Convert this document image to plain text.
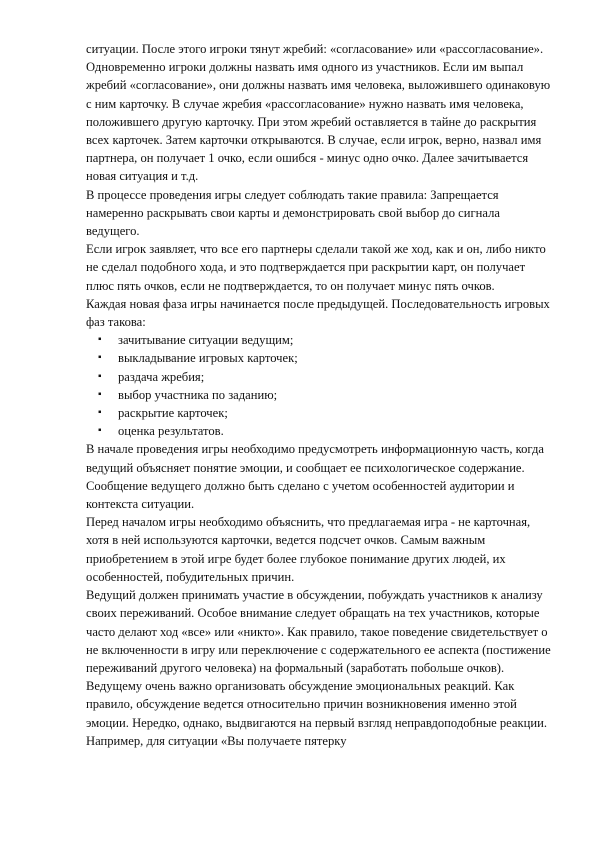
ситуации. После этого игроки тянут жребий: «согласование» или «рассогласование». Одновременно игроки должны назвать имя одного из участников. Если им выпал жребий «согласование», они должны назвать имя человека, выложившего одинаковую с ним карточку. В случае жребия «рассогласование» нужно назвать имя человека, положившего другую карточку. При этом жребий оставляется в тайне до раскрытия всех карточек. Затем карточки открываются. В случае, если игрок, верно, назвал имя партнера, он получает 1 очко, если ошибся - минус одно очко. Далее зачитывается новая ситуация и т.д.

В процессе проведения игры следует соблюдать такие правила: Запрещается намеренно раскрывать свои карты и демонстрировать свой выбор до сигнала ведущего.

Если игрок заявляет, что все его партнеры сделали такой же ход, как и он, либо никто не сделал подобного хода, и это подтверждается при раскрытии карт, он получает плюс пять очков, если не подтверждается, то он получает минус пять очков.

Каждая новая фаза игры начинается после предыдущей. Последовательность игровых фаз такова:

▪ зачитывание ситуации ведущим;
▪ выкладывание игровых карточек;
▪ раздача жребия;
▪ выбор участника по заданию;
▪ раскрытие карточек;
▪ оценка результатов.

В начале проведения игры необходимо предусмотреть информационную часть, когда ведущий объясняет понятие эмоции, и сообщает ее психологическое содержание. Сообщение ведущего должно быть сделано с учетом особенностей аудитории и контекста ситуации.

Перед началом игры необходимо объяснить, что предлагаемая игра - не карточная, хотя в ней используются карточки, ведется подсчет очков. Самым важным приобретением в этой игре будет более глубокое понимание других людей, их особенностей, побудительных причин.

Ведущий должен принимать участие в обсуждении, побуждать участников к анализу своих переживаний. Особое внимание следует обращать на тех участников, которые часто делают ход «все» или «никто». Как правило, такое поведение свидетельствует о не включенности в игру или переключение с содержательного ее аспекта (постижение переживаний другого человека) на формальный (заработать побольше очков).

Ведущему очень важно организовать обсуждение эмоциональных реакций. Как правило, обсуждение ведется относительно причин возникновения именно этой эмоции. Нередко, однако, выдвигаются на первый взгляд неправдоподобные реакции. Например, для ситуации «Вы получаете пятерку
